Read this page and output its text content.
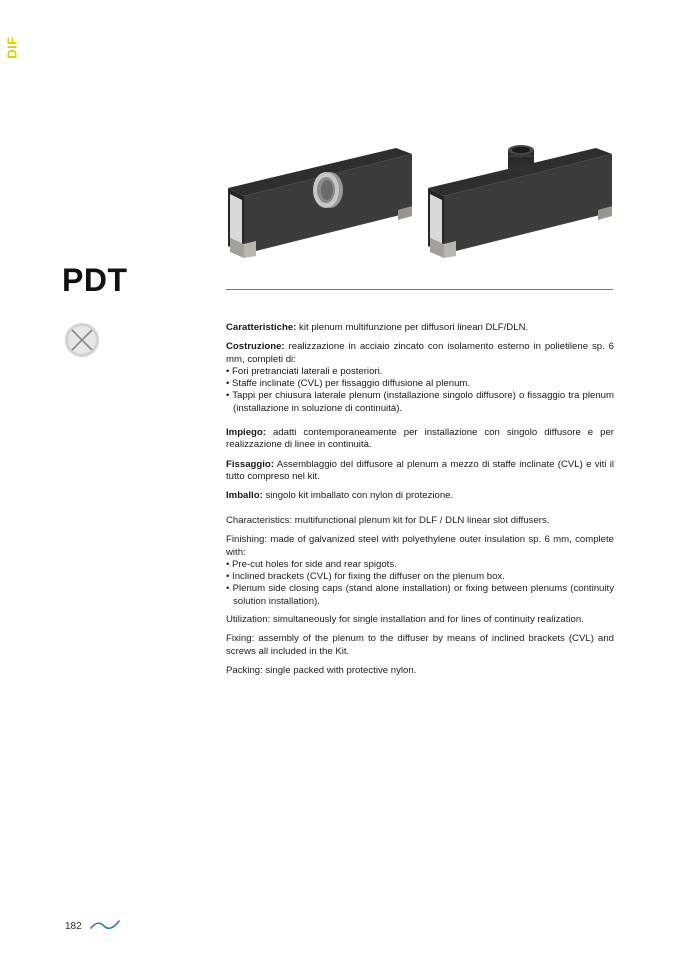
DIF
PDT

Caratteristiche: kit plenum multifunzione per diffusori lineari DLF/DLN.

Costruzione: realizzazione in acciaio zincato con isolamento esterno in polietilene sp. 6 mm, completi di:

• Fori pretranciati laterali e posteriori.
• Staffe inclinate (CVL) per fissaggio diffusione al plenum.
• Tappi per chiusura laterale plenum (installazione singolo diffusore) o fissaggio tra plenum (installazione in soluzione di continuità).

Impiego: adatti contemporaneamente per installazione con singolo diffusore e per realizzazione di linee in continuità.

Fissaggio: Assemblaggio del diffusore al plenum a mezzo di staffe inclinate (CVL) e viti il tutto compreso nel kit.

Imballo: singolo kit imballato con nylon di protezione.

Characteristics: multifunctional plenum kit for DLF / DLN linear slot diffusers.

Finishing: made of galvanized steel with polyethylene outer insulation sp. 6 mm, complete with:

• Pre-cut holes for side and rear spigots.
• Inclined brackets (CVL) for fixing the diffuser on the plenum box.
• Plenum side closing caps (stand alone installation) or fixing between plenums (continuity solution installation).

Utilization: simultaneously for single installation and for lines of continuity realization.

Fixing: assembly of the plenum to the diffuser by means of inclined brackets (CVL) and screws all included in the Kit.

Packing: single packed with protective nylon.

182
